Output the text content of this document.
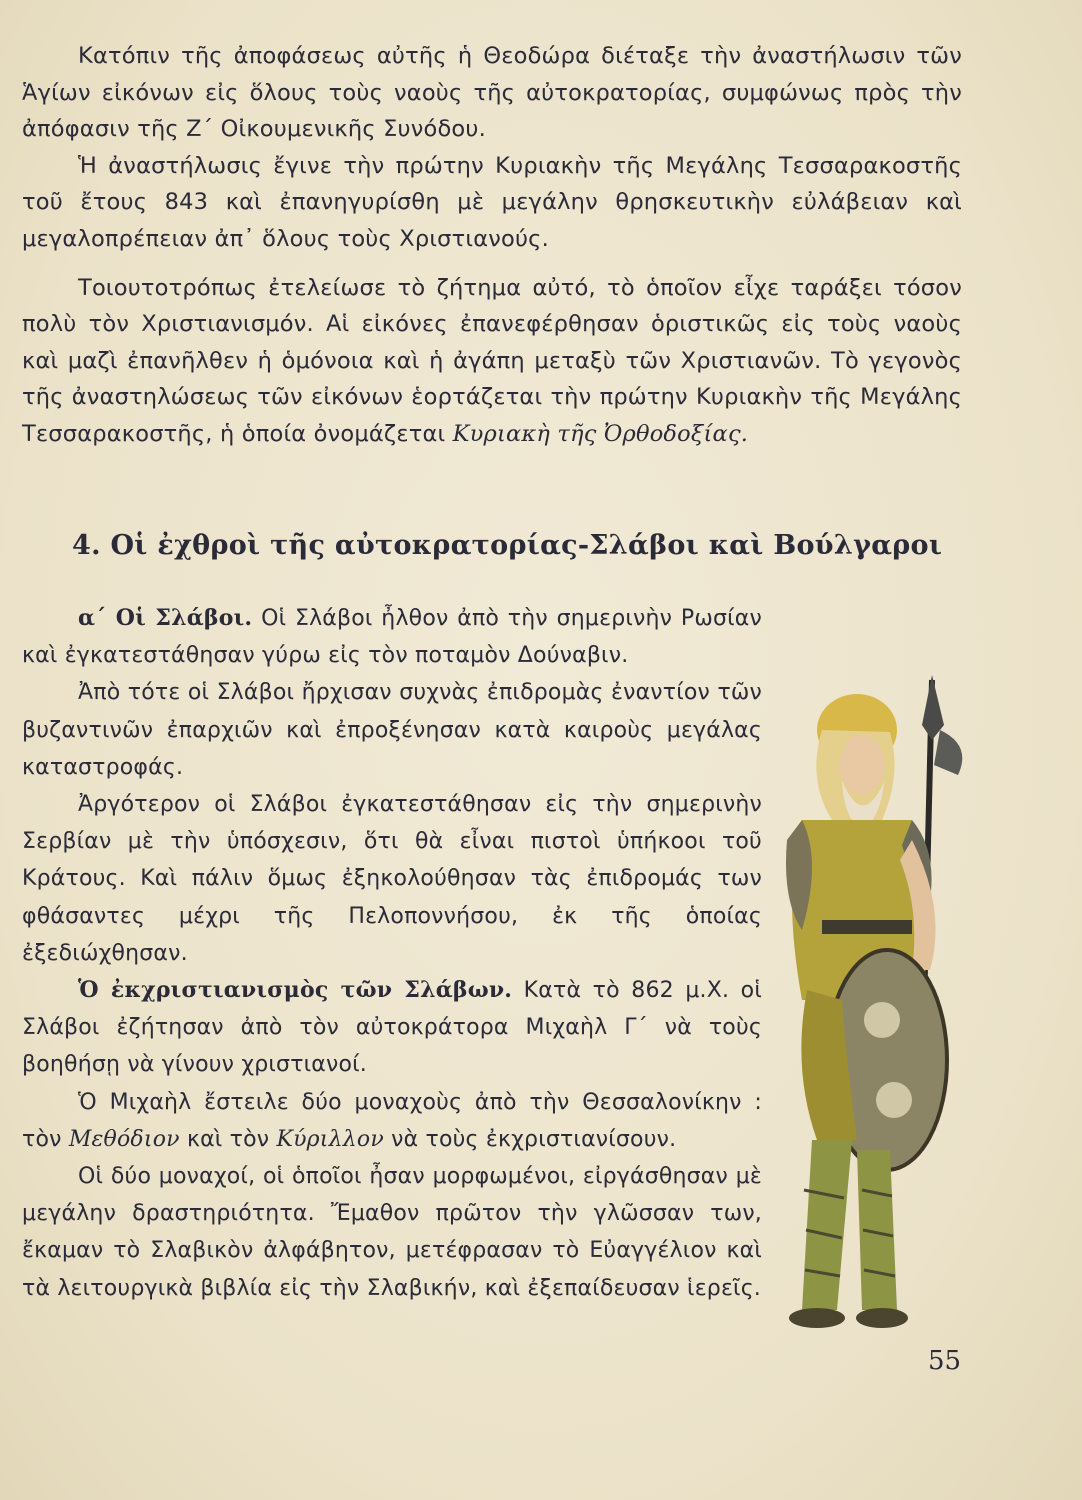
Κατόπιν τῆς ἀποφάσεως αὐτῆς ἡ Θεοδώρα διέταξε τὴν ἀναστήλωσιν τῶν Ἁγίων εἰκόνων εἰς ὅλους τοὺς ναοὺς τῆς αὐτοκρατορίας, συμφώνως πρὸς τὴν ἀπόφασιν τῆς Ζ΄ Οἰκουμενικῆς Συνόδου.

Ἡ ἀναστήλωσις ἔγινε τὴν πρώτην Κυριακὴν τῆς Μεγάλης Τεσσαρακοστῆς τοῦ ἔτους 843 καὶ ἐπανηγυρίσθη μὲ μεγάλην θρησκευτικὴν εὐλάβειαν καὶ μεγαλοπρέπειαν ἀπ᾿ ὅλους τοὺς Χριστιανούς.

Τοιουτοτρόπως ἐτελείωσε τὸ ζήτημα αὐτό, τὸ ὁποῖον εἶχε ταράξει τόσον πολὺ τὸν Χριστιανισμόν. Αἱ εἰκόνες ἐπανεφέρθησαν ὁριστικῶς εἰς τοὺς ναοὺς καὶ μαζὶ ἐπανῆλθεν ἡ ὁμόνοια καὶ ἡ ἀγάπη μεταξὺ τῶν Χριστιανῶν. Τὸ γεγονὸς τῆς ἀναστηλώσεως τῶν εἰκόνων ἑορτάζεται τὴν πρώτην Κυριακὴν τῆς Μεγάλης Τεσσαρακοστῆς, ἡ ὁποία ὀνομάζεται Κυριακὴ τῆς Ὀρθοδοξίας.

4. Οἱ ἐχθροὶ τῆς αὐτοκρατορίας-Σλάβοι καὶ Βούλγαροι

α΄ Οἱ Σλάβοι. Οἱ Σλάβοι ἦλθον ἀπὸ τὴν σημερινὴν Ρωσίαν καὶ ἐγκατεστάθησαν γύρω εἰς τὸν ποταμὸν Δούναβιν.

Ἀπὸ τότε οἱ Σλάβοι ἤρχισαν συχνὰς ἐπιδρομὰς ἐναντίον τῶν βυζαντινῶν ἐπαρχιῶν καὶ ἐπροξένησαν κατὰ καιροὺς μεγάλας καταστροφάς.

Ἀργότερον οἱ Σλάβοι ἐγκατεστάθησαν εἰς τὴν σημερινὴν Σερβίαν μὲ τὴν ὑπόσχεσιν, ὅτι θὰ εἶναι πιστοὶ ὑπήκοοι τοῦ Κράτους. Καὶ πάλιν ὅμως ἐξηκολούθησαν τὰς ἐπιδρομάς των φθάσαντες μέχρι τῆς Πελοποννήσου, ἐκ τῆς ὁποίας ἐξεδιώχθησαν.

Ὁ ἐκχριστιανισμὸς τῶν Σλάβων. Κατὰ τὸ 862 μ.Χ. οἱ Σλάβοι ἐζήτησαν ἀπὸ τὸν αὐτοκράτορα Μιχαὴλ Γ΄ νὰ τοὺς βοηθήσῃ νὰ γίνουν χριστιανοί.

Ὁ Μιχαὴλ ἔστειλε δύο μοναχοὺς ἀπὸ τὴν Θεσσαλονίκην : τὸν Μεθόδιον καὶ τὸν Κύριλλον νὰ τοὺς ἐκχριστιανίσουν.

Οἱ δύο μοναχοί, οἱ ὁποῖοι ἦσαν μορφωμένοι, εἰργάσθησαν μὲ μεγάλην δραστηριότητα. Ἔμαθον πρῶτον τὴν γλῶσσαν των, ἔκαμαν τὸ Σλαβικὸν ἀλφάβητον, μετέφρασαν τὸ Εὐαγγέλιον καὶ τὰ λειτουργικὰ βιβλία εἰς τὴν Σλαβικήν, καὶ ἐξεπαίδευσαν ἱερεῖς.

55
